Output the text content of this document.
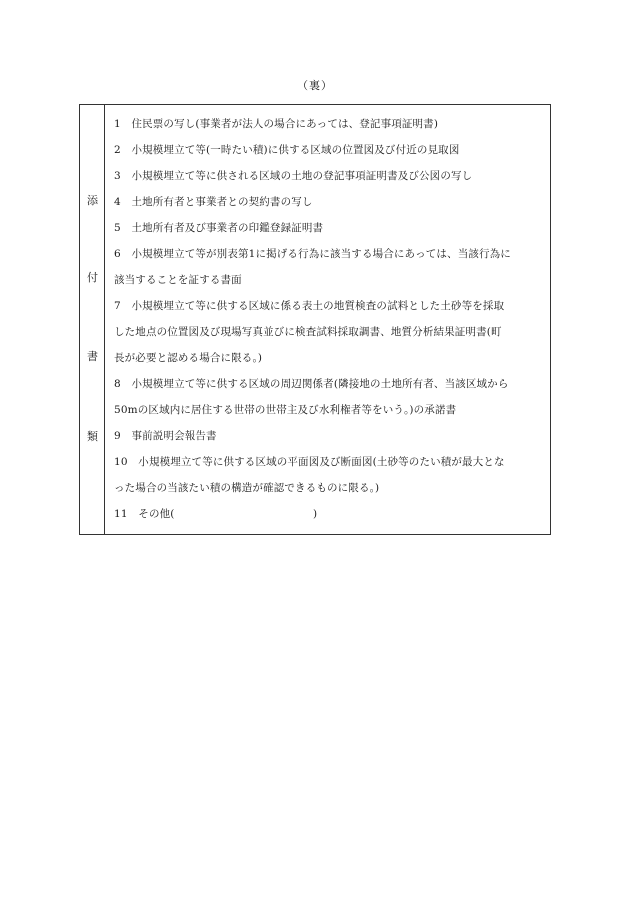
（裏）
添
付
書
類
1　住民票の写し(事業者が法人の場合にあっては、登記事項証明書)
2　小規模埋立て等(一時たい積)に供する区域の位置図及び付近の見取図
3　小規模埋立て等に供される区域の土地の登記事項証明書及び公図の写し
4　土地所有者と事業者との契約書の写し
5　土地所有者及び事業者の印鑑登録証明書
6　小規模埋立て等が別表第1に掲げる行為に該当する場合にあっては、当該行為に
該当することを証する書面
7　小規模埋立て等に供する区域に係る表土の地質検査の試料とした土砂等を採取
した地点の位置図及び現場写真並びに検査試料採取調書、地質分析結果証明書(町
長が必要と認める場合に限る。)
8　小規模埋立て等に供する区域の周辺関係者(隣接地の土地所有者、当該区域から
50mの区域内に居住する世帯の世帯主及び水利権者等をいう。)の承諾書
9　事前説明会報告書
10　小規模埋立て等に供する区域の平面図及び断面図(土砂等のたい積が最大とな
った場合の当該たい積の構造が確認できるものに限る。)
11　その他(　　　　　　　　　　　　　)
